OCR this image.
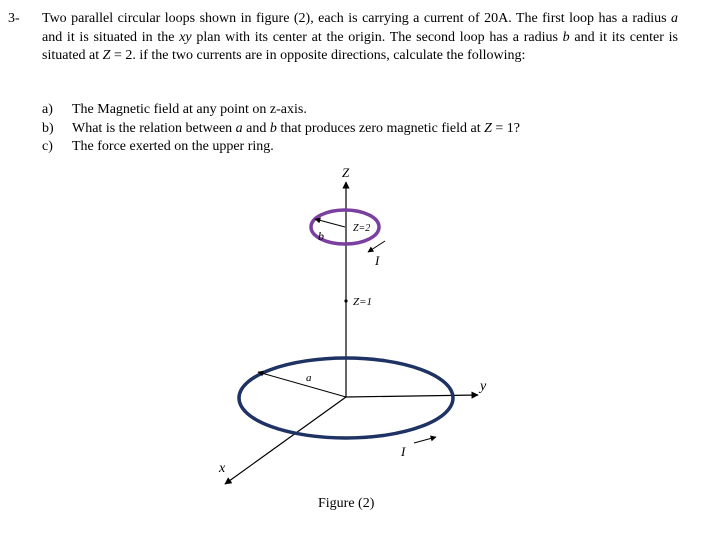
3- Two parallel circular loops shown in figure (2), each is carrying a current of 20A. The first loop has a radius a and it is situated in the xy plan with its center at the origin. The second loop has a radius b and it its center is situated at Z = 2. if the two currents are in opposite directions, calculate the following:
a)	The Magnetic field at any point on z-axis.
b)	What is the relation between a and b that produces zero magnetic field at Z = 1?
c)	The force exerted on the upper ring.
Z
x
y
a
I
b
Z=2
I
Z=1
Figure (2)
